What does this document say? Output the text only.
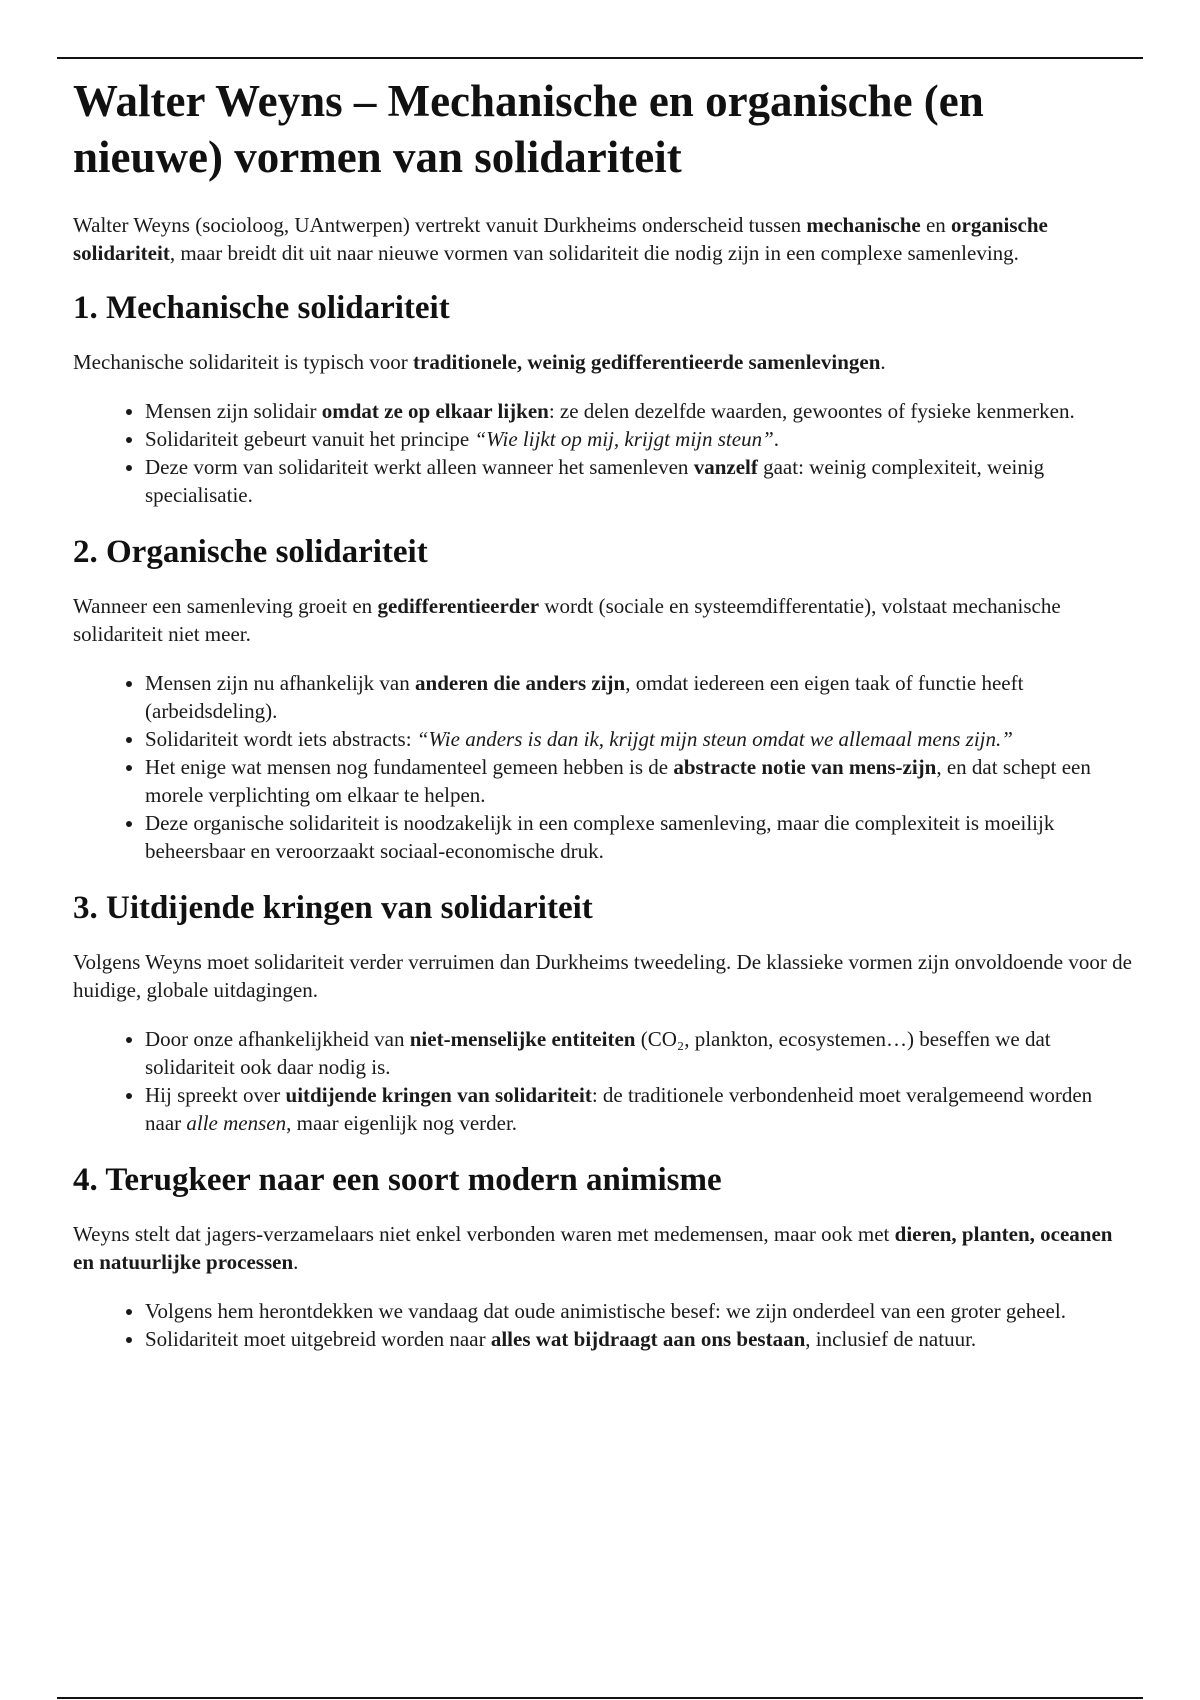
Walter Weyns – Mechanische en organische (en nieuwe) vormen van solidariteit

Walter Weyns (socioloog, UAntwerpen) vertrekt vanuit Durkheims onderscheid tussen mechanische en organische solidariteit, maar breidt dit uit naar nieuwe vormen van solidariteit die nodig zijn in een complexe samenleving.

1. Mechanische solidariteit

Mechanische solidariteit is typisch voor traditionele, weinig gedifferentieerde samenlevingen.

• Mensen zijn solidair omdat ze op elkaar lijken: ze delen dezelfde waarden, gewoontes of fysieke kenmerken.
• Solidariteit gebeurt vanuit het principe “Wie lijkt op mij, krijgt mijn steun”.
• Deze vorm van solidariteit werkt alleen wanneer het samenleven vanzelf gaat: weinig complexiteit, weinig specialisatie.
2. Organische solidariteit

Wanneer een samenleving groeit en gedifferentieerder wordt (sociale en systeemdifferentatie), volstaat mechanische solidariteit niet meer.

• Mensen zijn nu afhankelijk van anderen die anders zijn, omdat iedereen een eigen taak of functie heeft (arbeidsdeling).
• Solidariteit wordt iets abstracts: “Wie anders is dan ik, krijgt mijn steun omdat we allemaal mens zijn.”
• Het enige wat mensen nog fundamenteel gemeen hebben is de abstracte notie van mens-zijn, en dat schept een morele verplichting om elkaar te helpen.
• Deze organische solidariteit is noodzakelijk in een complexe samenleving, maar die complexiteit is moeilijk beheersbaar en veroorzaakt sociaal-economische druk.
3. Uitdijende kringen van solidariteit

Volgens Weyns moet solidariteit verder verruimen dan Durkheims tweedeling. De klassieke vormen zijn onvoldoende voor de huidige, globale uitdagingen.

• Door onze afhankelijkheid van niet-menselijke entiteiten (CO₂, plankton, ecosystemen…) beseffen we dat solidariteit ook daar nodig is.
• Hij spreekt over uitdijende kringen van solidariteit: de traditionele verbondenheid moet veralgemeend worden naar alle mensen, maar eigenlijk nog verder.
4. Terugkeer naar een soort modern animisme

Weyns stelt dat jagers-verzamelaars niet enkel verbonden waren met medemensen, maar ook met dieren, planten, oceanen en natuurlijke processen.

• Volgens hem herontdekken we vandaag dat oude animistische besef: we zijn onderdeel van een groter geheel.
• Solidariteit moet uitgebreid worden naar alles wat bijdraagt aan ons bestaan, inclusief de natuur.
